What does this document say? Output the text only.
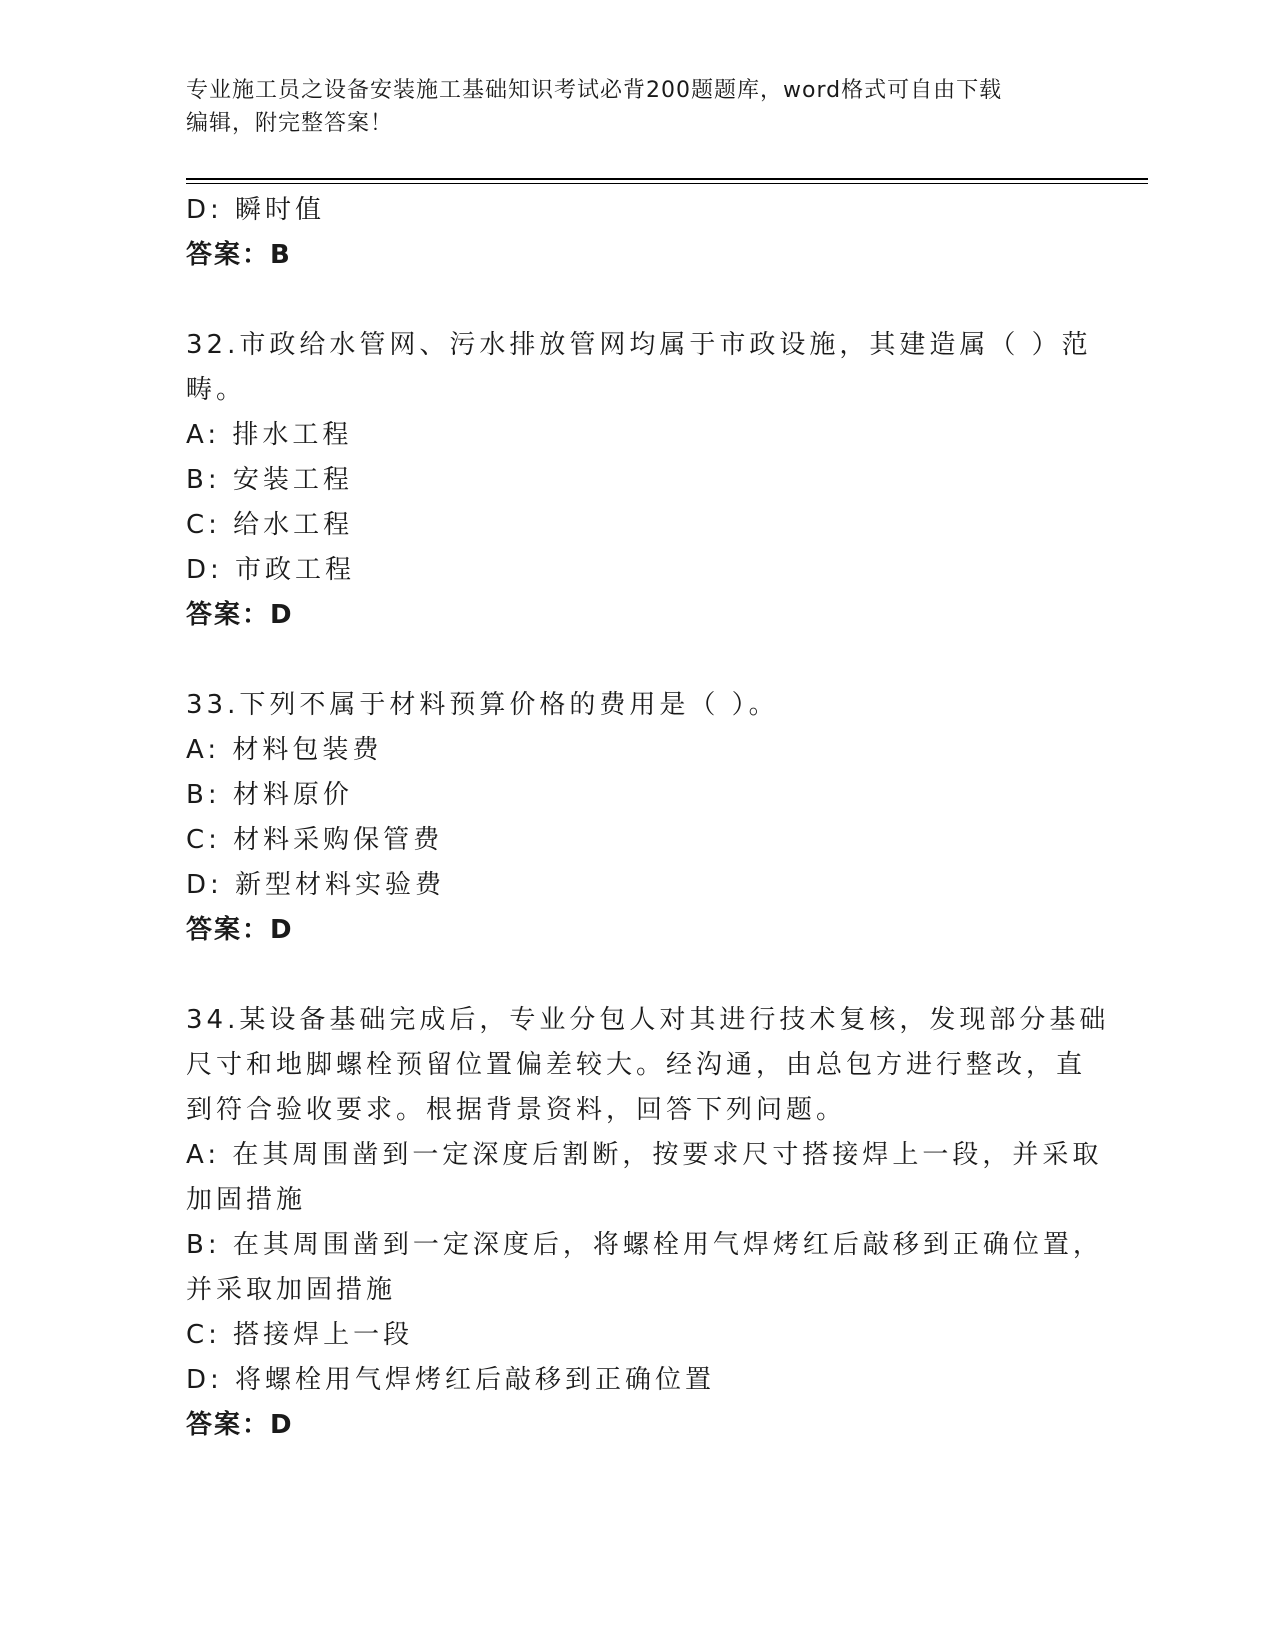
专业施工员之设备安装施工基础知识考试必背200题题库，word格式可自由下载
编辑，附完整答案！
D: 瞬时值
答案：B
32.市政给水管网、污水排放管网均属于市政设施，其建造属（ ）范
畴。
A: 排水工程
B: 安装工程
C: 给水工程
D: 市政工程
答案：D
33.下列不属于材料预算价格的费用是（ ）。
A: 材料包装费
B: 材料原价
C: 材料采购保管费
D: 新型材料实验费
答案：D
34.某设备基础完成后，专业分包人对其进行技术复核，发现部分基础
尺寸和地脚螺栓预留位置偏差较大。经沟通，由总包方进行整改，直
到符合验收要求。根据背景资料，回答下列问题。
A: 在其周围凿到一定深度后割断，按要求尺寸搭接焊上一段，并采取
加固措施
B: 在其周围凿到一定深度后，将螺栓用气焊烤红后敲移到正确位置，
并采取加固措施
C: 搭接焊上一段
D: 将螺栓用气焊烤红后敲移到正确位置
答案：D
